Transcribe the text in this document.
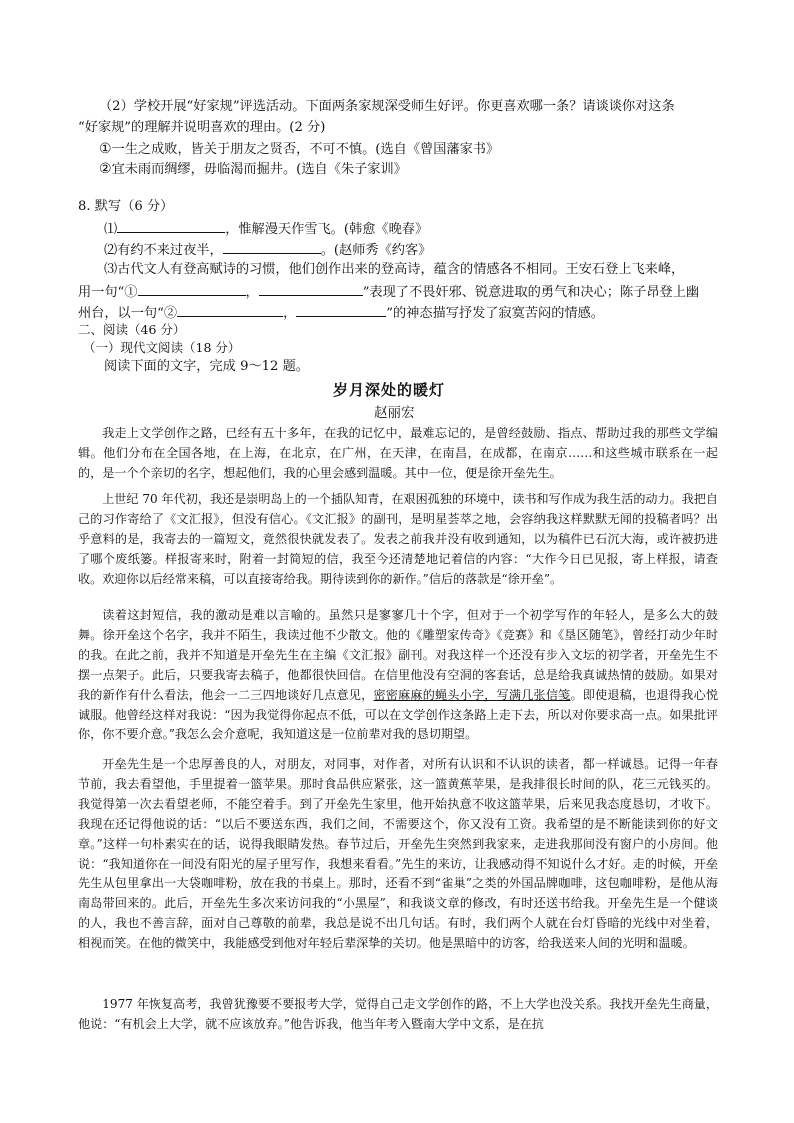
（2）学校开展“好家规”评选活动。下面两条家规深受师生好评。你更喜欢哪一条？请谈谈你对这条
“好家规”的理解并说明喜欢的理由。(2 分)
①一生之成败，皆关于朋友之贤否，不可不慎。(选自《曾国藩家书》
②宜未雨而绸缪，毋临渴而掘井。(选自《朱子家训》
8. 默写（6 分）
⑴	，惟解漫天作雪飞。(韩愈《晚春》
⑵有约不来过夜半，	。(赵师秀《约客》
⑶古代文人有登高赋诗的习惯，他们创作出来的登高诗，蕴含的情感各不相同。王安石登上飞来峰，
用一句“①	，	”表现了不畏奸邪、锐意进取的勇气和决心；陈子昂登上幽
州台，以一句“②	，	”的神态描写抒发了寂寞苦闷的情感。
二、阅读（46 分）
（一）现代文阅读（18 分）
阅读下面的文字，完成 9～12 题。
岁月深处的暖灯
赵丽宏
我走上文学创作之路，已经有五十多年，在我的记忆中，最难忘记的，是曾经鼓励、指点、帮助过我的那些文学编辑。他们分布在全国各地，在上海，在北京，在广州，在天津，在南昌，在成都，在南京……和这些城市联系在一起的，是一个个亲切的名字，想起他们，我的心里会感到温暖。其中一位，便是徐开垒先生。
上世纪 70 年代初，我还是崇明岛上的一个插队知青，在艰困孤独的环境中，读书和写作成为我生活的动力。我把自己的习作寄给了《文汇报》，但没有信心。《文汇报》的副刊，是明星荟萃之地，会容纳我这样默默无闻的投稿者吗？出乎意料的是，我寄去的一篇短文，竟然很快就发表了。发表之前我并没有收到通知，以为稿件已石沉大海，或许被扔进了哪个废纸篓。样报寄来时，附着一封简短的信，我至今还清楚地记着信的内容：“大作今日已见报，寄上样报，请查收。欢迎你以后经常来稿，可以直接寄给我。期待读到你的新作。”信后的落款是“徐开垒”。
读着这封短信，我的激动是难以言喻的。虽然只是寥寥几十个字，但对于一个初学写作的年轻人，是多么大的鼓舞。徐开垒这个名字，我并不陌生，我读过他不少散文。他的《雕塑家传奇》《竞赛》和《垦区随笔》，曾经打动少年时的我。在此之前，我并不知道是开垒先生在主编《文汇报》副刊。对我这样一个还没有步入文坛的初学者，开垒先生不摆一点架子。此后，只要我寄去稿子，他都很快回信。在信里他没有空洞的客套话，总是给我真诚热情的鼓励。如果对我的新作有什么看法，他会一二三四地谈好几点意见，密密麻麻的蝇头小字，写满几张信笺。即使退稿，也退得我心悦诚服。他曾经这样对我说：“因为我觉得你起点不低，可以在文学创作这条路上走下去，所以对你要求高一点。如果批评你，你不要介意。”我怎么会介意呢，我知道这是一位前辈对我的恳切期望。
开垒先生是一个忠厚善良的人，对朋友，对同事，对作者，对所有认识和不认识的读者，都一样诚恳。记得一年春节前，我去看望他，手里提着一篮苹果。那时食品供应紧张，这一篮黄蕉苹果，是我排很长时间的队，花三元钱买的。我觉得第一次去看望老师，不能空着手。到了开垒先生家里，他开始执意不收这篮苹果，后来见我态度恳切，才收下。我现在还记得他说的话：“以后不要送东西，我们之间，不需要这个，你又没有工资。我希望的是不断能读到你的好文章。”这样一句朴素实在的话，说得我眼睛发热。春节过后，开垒先生突然到我家来，走进我那间没有窗户的小房间。他说：“我知道你在一间没有阳光的屋子里写作，我想来看看。”先生的来访，让我感动得不知说什么才好。走的时候，开垒先生从包里拿出一大袋咖啡粉，放在我的书桌上。那时，还看不到“雀巢”之类的外国品牌咖啡，这包咖啡粉，是他从海南岛带回来的。此后，开垒先生多次来访问我的“小黑屋”，和我谈文章的修改，有时还送书给我。开垒先生是一个健谈的人，我也不善言辞，面对自己尊敬的前辈，我总是说不出几句话。有时，我们两个人就在台灯昏暗的光线中对坐着，相视而笑。在他的微笑中，我能感受到他对年轻后辈深挚的关切。他是黑暗中的访客，给我送来人间的光明和温暖。
1977 年恢复高考，我曾犹豫要不要报考大学，觉得自己走文学创作的路，不上大学也没关系。我找开垒先生商量，他说：“有机会上大学，就不应该放弃。”他告诉我，他当年考入暨南大学中文系，是在抗
